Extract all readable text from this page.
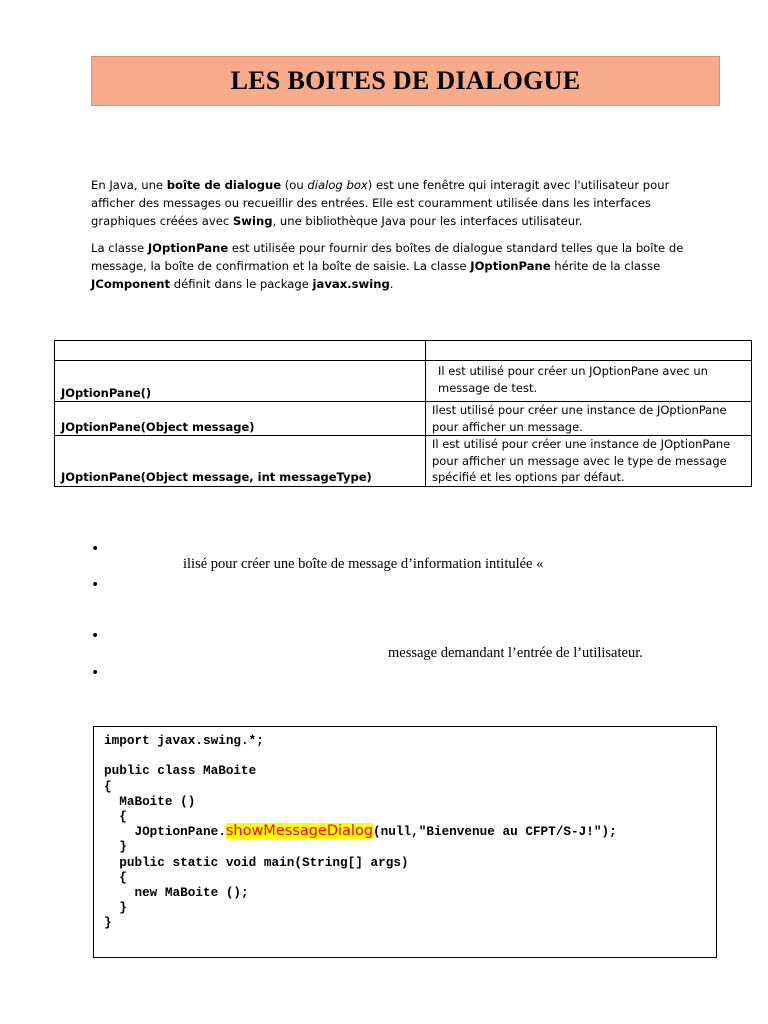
LES BOITES DE DIALOGUE

En Java, une boîte de dialogue (ou dialog box) est une fenêtre qui interagit avec l'utilisateur pour afficher des messages ou recueillir des entrées. Elle est couramment utilisée dans les interfaces graphiques créées avec Swing, une bibliothèque Java pour les interfaces utilisateur.

La classe JOptionPane est utilisée pour fournir des boîtes de dialogue standard telles que la boîte de message, la boîte de confirmation et la boîte de saisie. La classe JOptionPane hérite de la classe JComponent définit dans le package javax.swing.

JOptionPane()	Il est utilisé pour créer un JOptionPane avec un message de test.
JOptionPane(Object message)	Ilest utilisé pour créer une instance de JOptionPane pour afficher un message.
JOptionPane(Object message, int messageType)	Il est utilisé pour créer une instance de JOptionPane pour afficher un message avec le type de message spécifié et les options par défaut.
•
ilisé pour créer une boîte de message d’information intitulée «
•
•
message demandant l’entrée de l’utilisateur.
•
import javax.swing.*;
public class MaBoite
{
MaBoite ()
{
JOptionPane.showMessageDialog(null,"Bienvenue au CFPT/S-J!");
}
public static void main(String[] args)
{
new MaBoite ();
}
}
